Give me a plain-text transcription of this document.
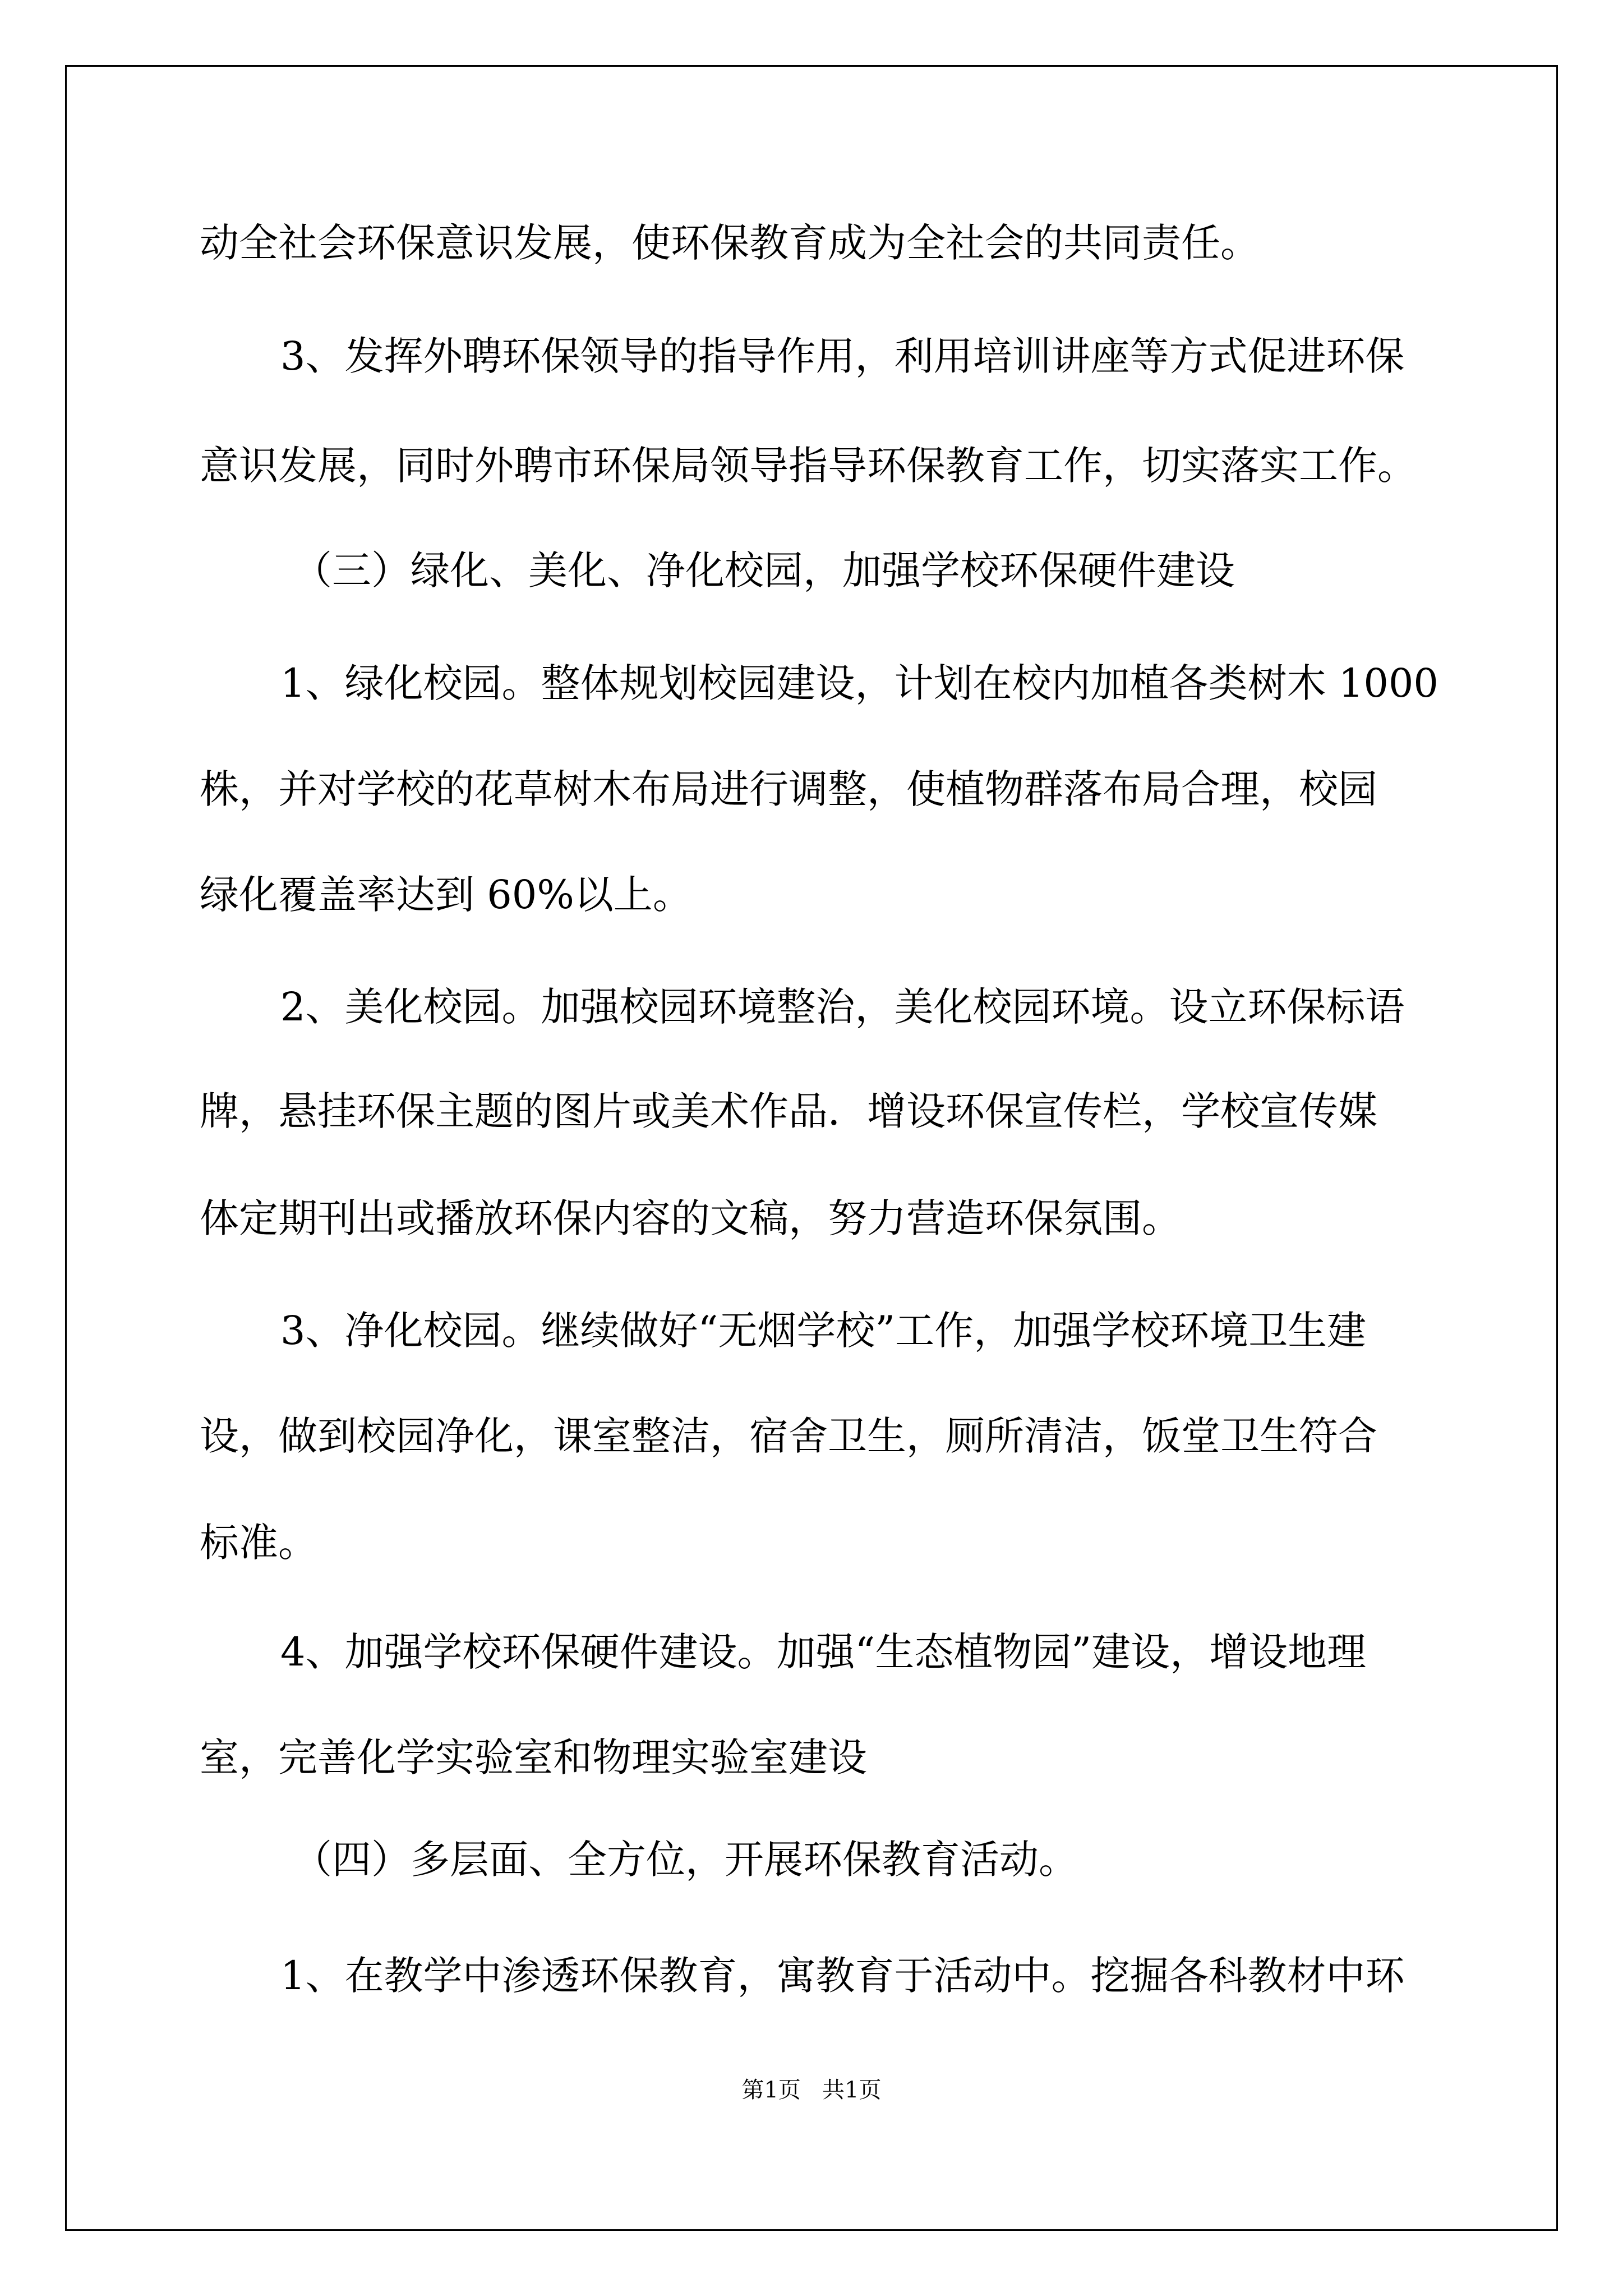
动全社会环保意识发展，使环保教育成为全社会的共同责任。
3、发挥外聘环保领导的指导作用，利用培训讲座等方式促进环保
意识发展，同时外聘市环保局领导指导环保教育工作，切实落实工作。
（三）绿化、美化、净化校园，加强学校环保硬件建设
1、绿化校园。整体规划校园建设，计划在校内加植各类树木 1000
株，并对学校的花草树木布局进行调整，使植物群落布局合理，校园
绿化覆盖率达到 60%以上。
2、美化校园。加强校园环境整治，美化校园环境。设立环保标语
牌，悬挂环保主题的图片或美术作品．增设环保宣传栏，学校宣传媒
体定期刊出或播放环保内容的文稿，努力营造环保氛围。
3、净化校园。继续做好“无烟学校”工作，加强学校环境卫生建
设，做到校园净化，课室整洁，宿舍卫生，厕所清洁，饭堂卫生符合
标准。
4、加强学校环保硬件建设。加强“生态植物园”建设，增设地理
室，完善化学实验室和物理实验室建设
（四）多层面、全方位，开展环保教育活动。
1、在教学中渗透环保教育，寓教育于活动中。挖掘各科教材中环
第1页   共1页
